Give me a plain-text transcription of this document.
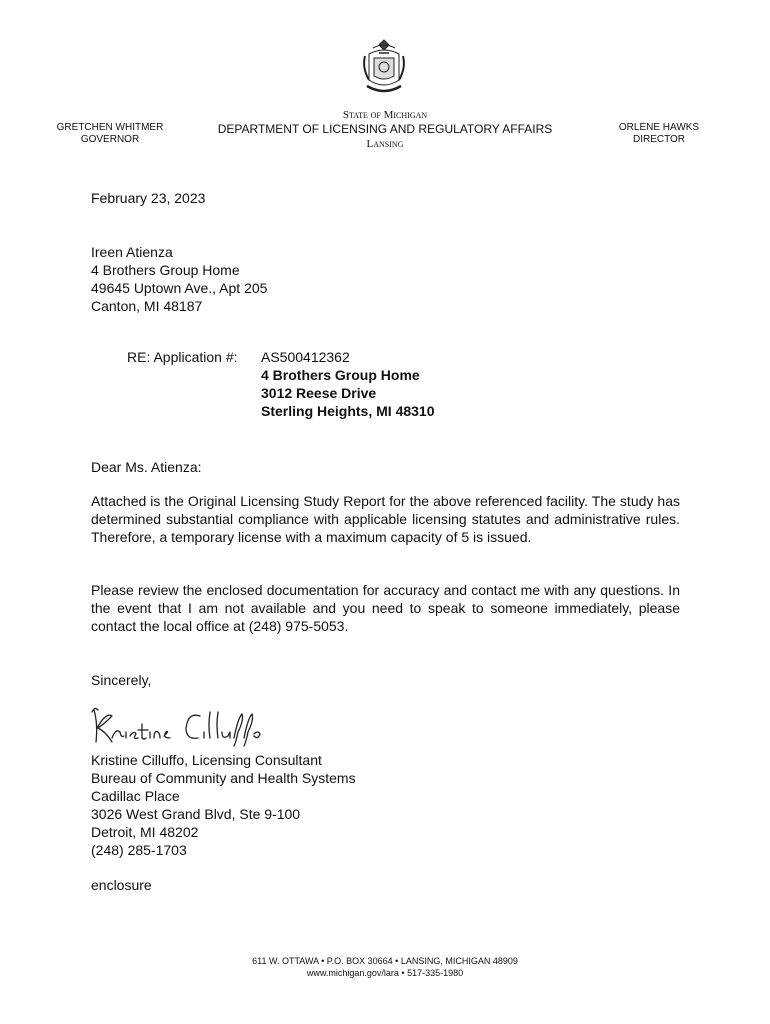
GRETCHEN WHITMER
GOVERNOR
State of Michigan
DEPARTMENT OF LICENSING AND REGULATORY AFFAIRS
Lansing
ORLENE HAWKS
DIRECTOR
February 23, 2023
Ireen Atienza
4 Brothers Group Home
49645 Uptown Ave., Apt 205
Canton, MI 48187
RE: Application #: AS500412362
4 Brothers Group Home
3012 Reese Drive
Sterling Heights, MI 48310
Dear Ms. Atienza:
Attached is the Original Licensing Study Report for the above referenced facility. The study has determined substantial compliance with applicable licensing statutes and administrative rules. Therefore, a temporary license with a maximum capacity of 5 is issued.
Please review the enclosed documentation for accuracy and contact me with any questions. In the event that I am not available and you need to speak to someone immediately, please contact the local office at (248) 975-5053.
Sincerely,
Kristine Cilluffo, Licensing Consultant
Bureau of Community and Health Systems
Cadillac Place
3026 West Grand Blvd, Ste 9-100
Detroit, MI 48202
(248) 285-1703
enclosure
611 W. OTTAWA • P.O. BOX 30664 • LANSING, MICHIGAN 48909
www.michigan.gov/lara • 517-335-1980
